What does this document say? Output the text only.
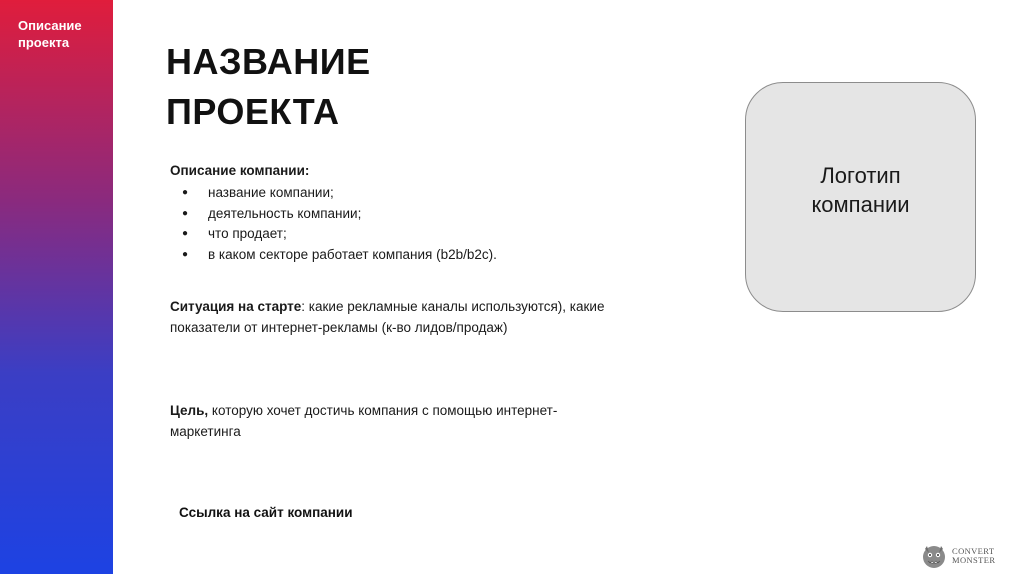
Описание проекта	НАЗВАНИЕ
ПРОЕКТА
Описание компании:
● название компании;
● деятельность компании;
● что продает;
● в каком секторе работает компания (b2b/b2c).
Ситуация на старте: какие рекламные каналы используются), какие показатели от интернет-рекламы (к-во лидов/продаж)
Цель, которую хочет достичь компания с помощью интернет-маркетинга
Ссылка на сайт компании
Логотип
компании
CONVERT
MONSTER
